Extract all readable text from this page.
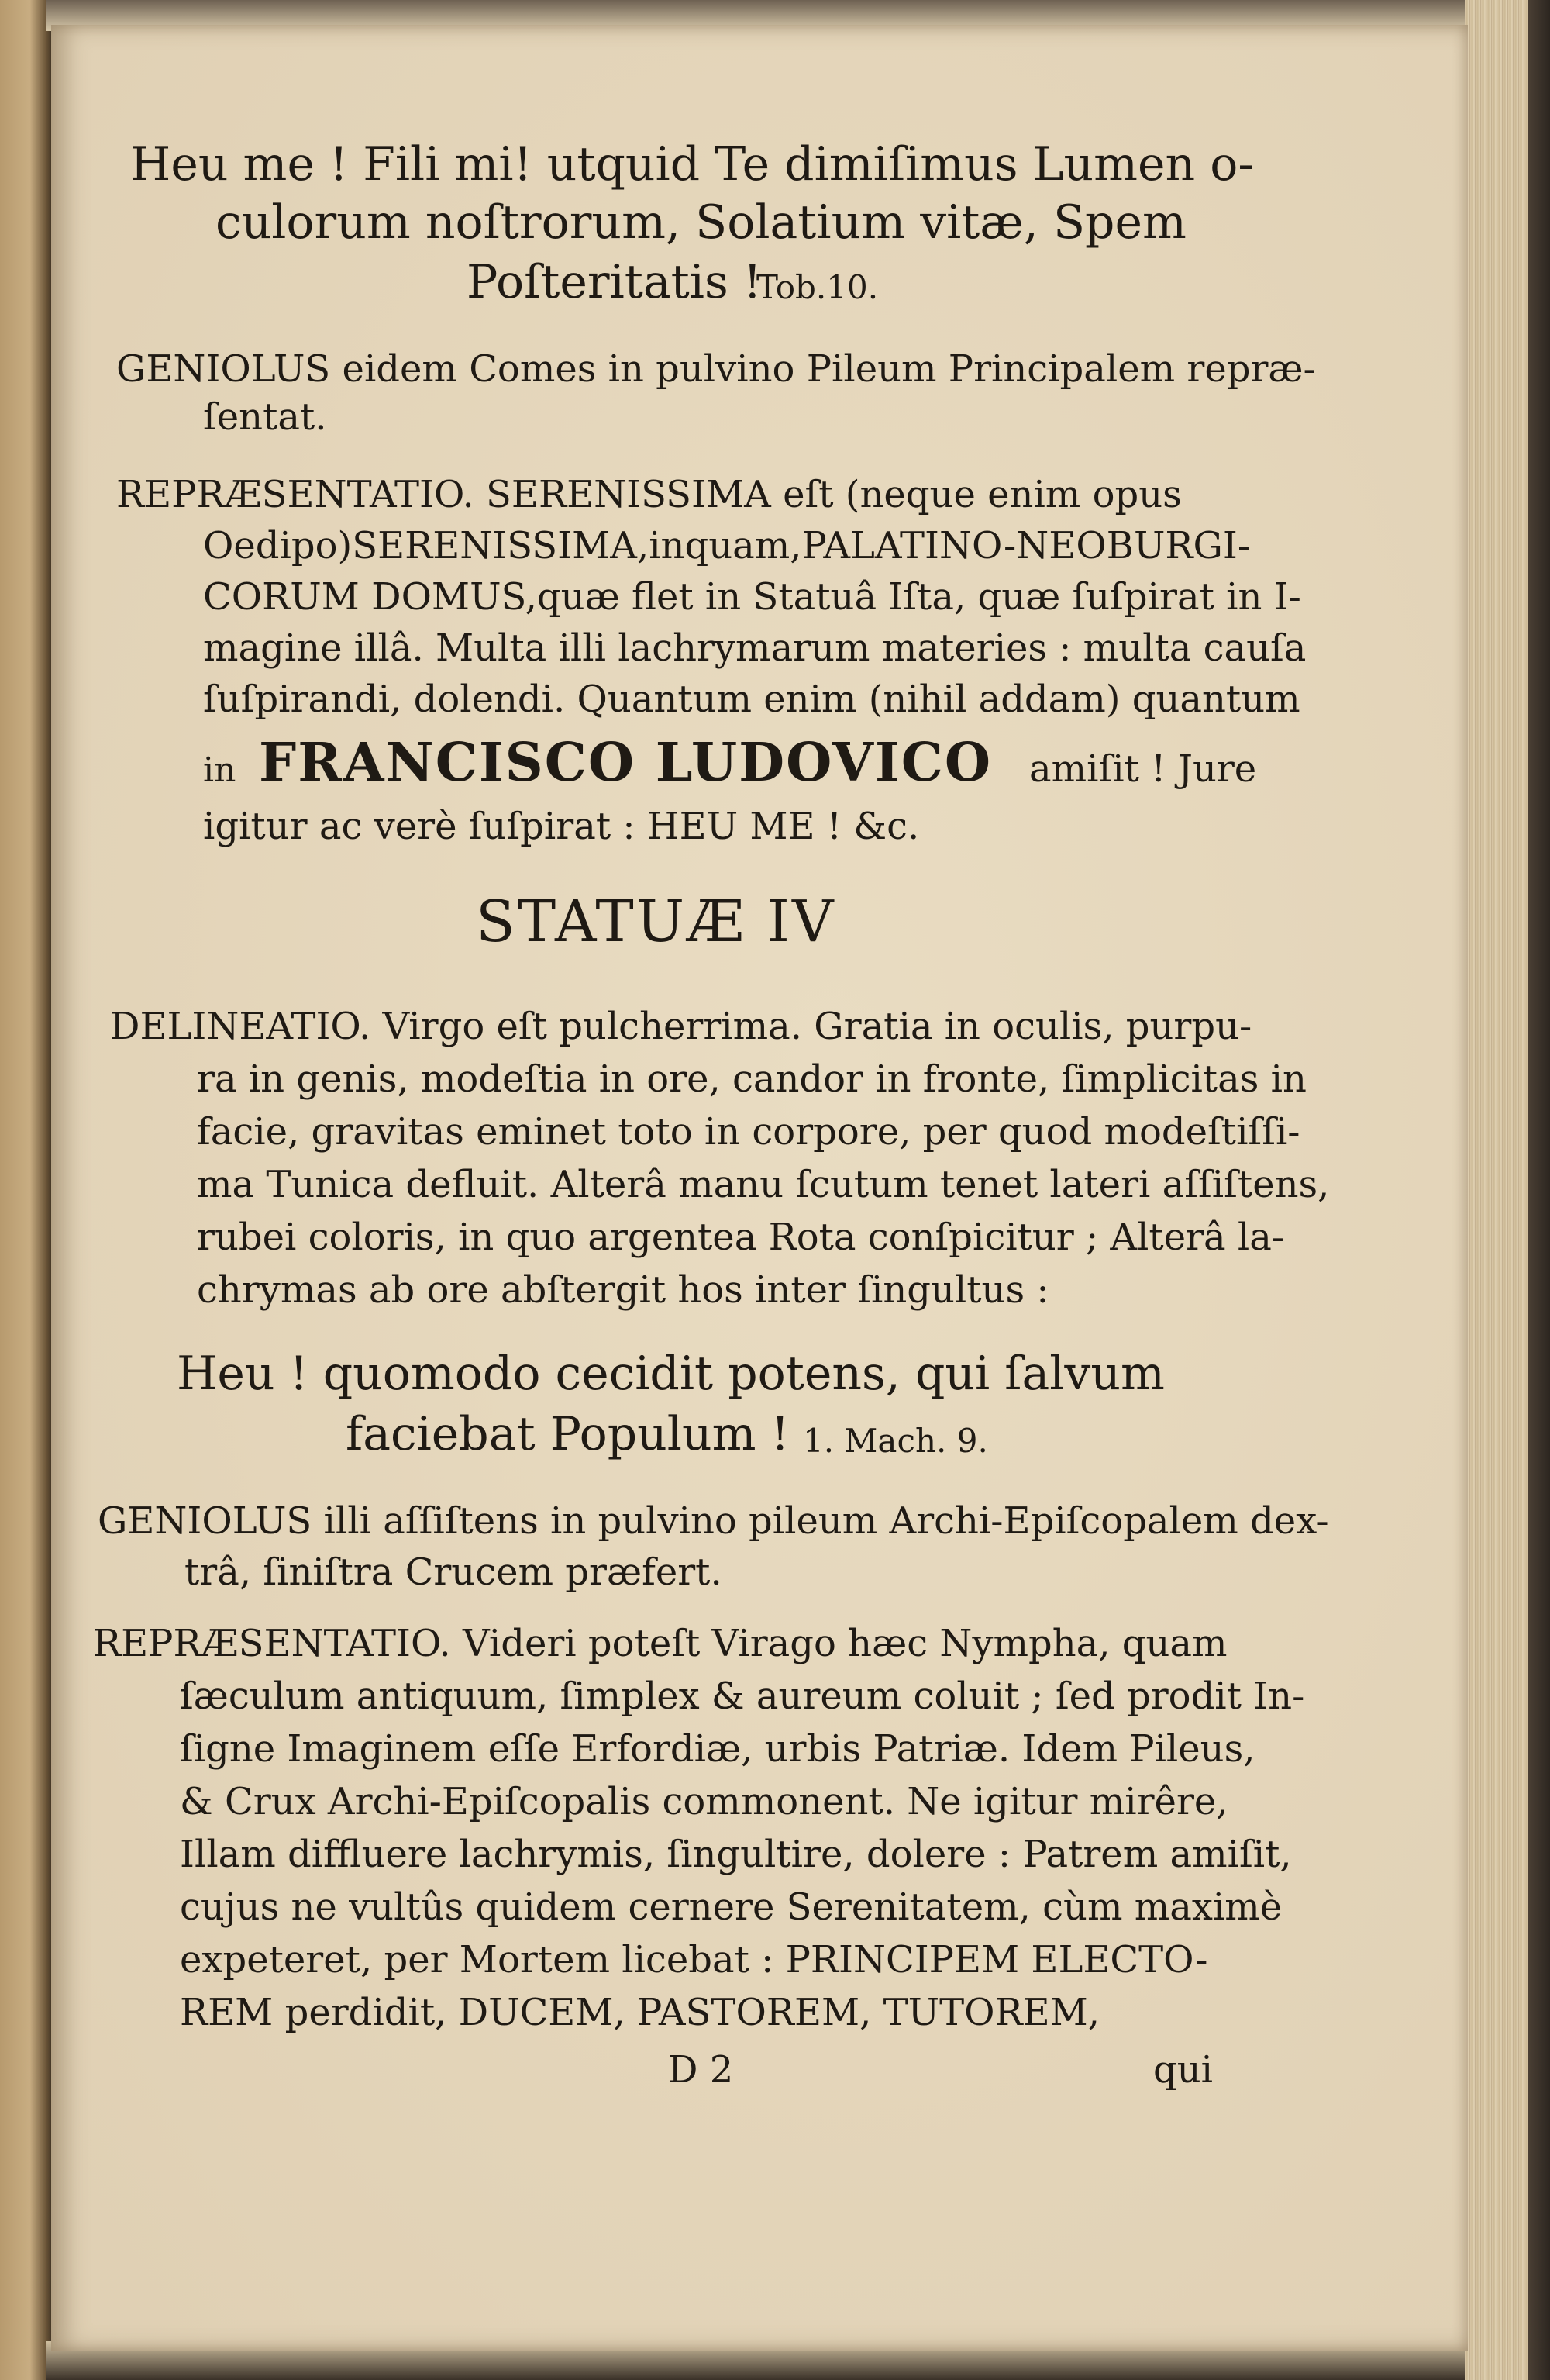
Heu me ! Fili mi! utquid Te dimiſimus Lumen o-

culorum noſtrorum, Solatium vitæ, Spem

Poſteritatis !

Tob.10.

GENIOLUS eidem Comes in pulvino Pileum Principalem repræ-

ſentat.

REPRÆSENTATIO. SERENISSIMA eſt (neque enim opus

Oedipo)SERENISSIMA,inquam,PALATINO-NEOBURGI-

CORUM DOMUS,quæ flet in Statuâ Iſta, quæ ſuſpirat in I-

magine illâ. Multa illi lachrymarum materies : multa cauſa

ſuſpirandi, dolendi. Quantum enim (nihil addam) quantum

in FRANCISCO LUDOVICO amiſit ! Jure

igitur ac verè ſuſpirat : HEU ME ! &c.

STATUÆ IV

DELINEATIO. Virgo eſt pulcherrima. Gratia in oculis, purpu-

ra in genis, modeſtia in ore, candor in fronte, ſimplicitas in

facie, gravitas eminet toto in corpore, per quod modeſtiſſi-

ma Tunica defluit. Alterâ manu ſcutum tenet lateri aſſiſtens,

rubei coloris, in quo argentea Rota conſpicitur ; Alterâ la-

chrymas ab ore abſtergit hos inter ſingultus :

Heu ! quomodo cecidit potens, qui ſalvum

faciebat Populum ! 1. Mach. 9.

GENIOLUS illi aſſiſtens in pulvino pileum Archi-Epiſcopalem dex-

trâ, ſiniſtra Crucem præfert.

REPRÆSENTATIO. Videri poteſt Virago hæc Nympha, quam

ſæculum antiquum, ſimplex & aureum coluit ; ſed prodit In-

ſigne Imaginem eſſe Erfordiæ, urbis Patriæ. Idem Pileus,

& Crux Archi-Epiſcopalis commonent. Ne igitur mirêre,

Illam diffluere lachrymis, ſingultire, dolere : Patrem amiſit,

cujus ne vultûs quidem cernere Serenitatem, cùm maximè

expeteret, per Mortem licebat : PRINCIPEM ELECTO-

REM perdidit, DUCEM, PASTOREM, TUTOREM,

D 2	qui
